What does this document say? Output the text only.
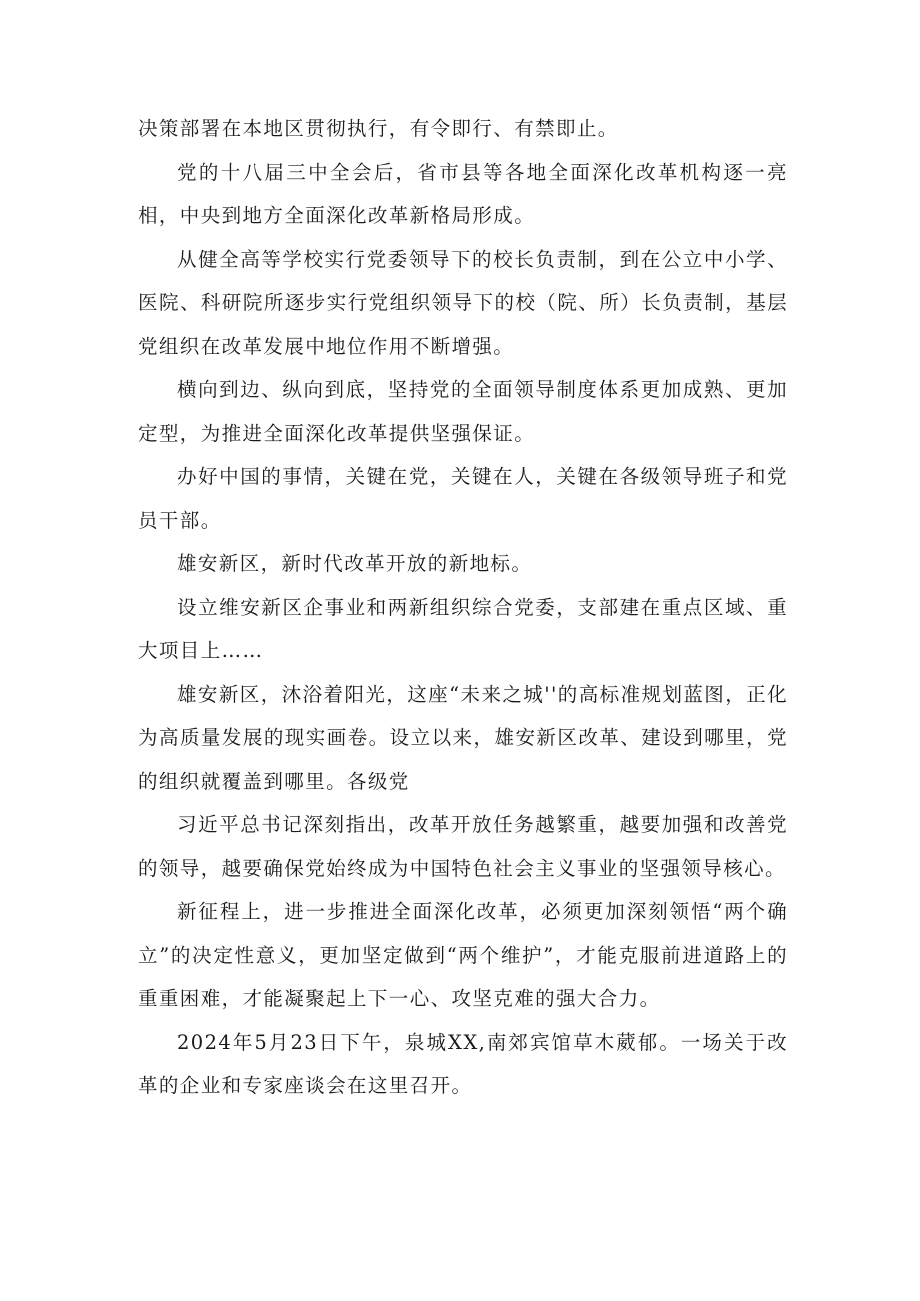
决策部署在本地区贯彻执行，有令即行、有禁即止。

党的十八届三中全会后，省市县等各地全面深化改革机构逐一亮相，中央到地方全面深化改革新格局形成。

从健全高等学校实行党委领导下的校长负责制，到在公立中小学、医院、科研院所逐步实行党组织领导下的校（院、所）长负责制，基层党组织在改革发展中地位作用不断增强。

横向到边、纵向到底，坚持党的全面领导制度体系更加成熟、更加定型，为推进全面深化改革提供坚强保证。

办好中国的事情，关键在党，关键在人，关键在各级领导班子和党员干部。

雄安新区，新时代改革开放的新地标。

设立维安新区企事业和两新组织综合党委，支部建在重点区域、重大项目上……

雄安新区，沐浴着阳光，这座“未来之城''的高标准规划蓝图，正化为高质量发展的现实画卷。设立以来，雄安新区改革、建设到哪里，党的组织就覆盖到哪里。各级党

习近平总书记深刻指出，改革开放任务越繁重，越要加强和改善党的领导，越要确保党始终成为中国特色社会主义事业的坚强领导核心。

新征程上，进一步推进全面深化改革，必须更加深刻领悟“两个确立”的决定性意义，更加坚定做到“两个维护”，才能克服前进道路上的重重困难，才能凝聚起上下一心、攻坚克难的强大合力。

2024年5月23日下午，泉城XX,南郊宾馆草木葳郁。一场关于改革的企业和专家座谈会在这里召开。
